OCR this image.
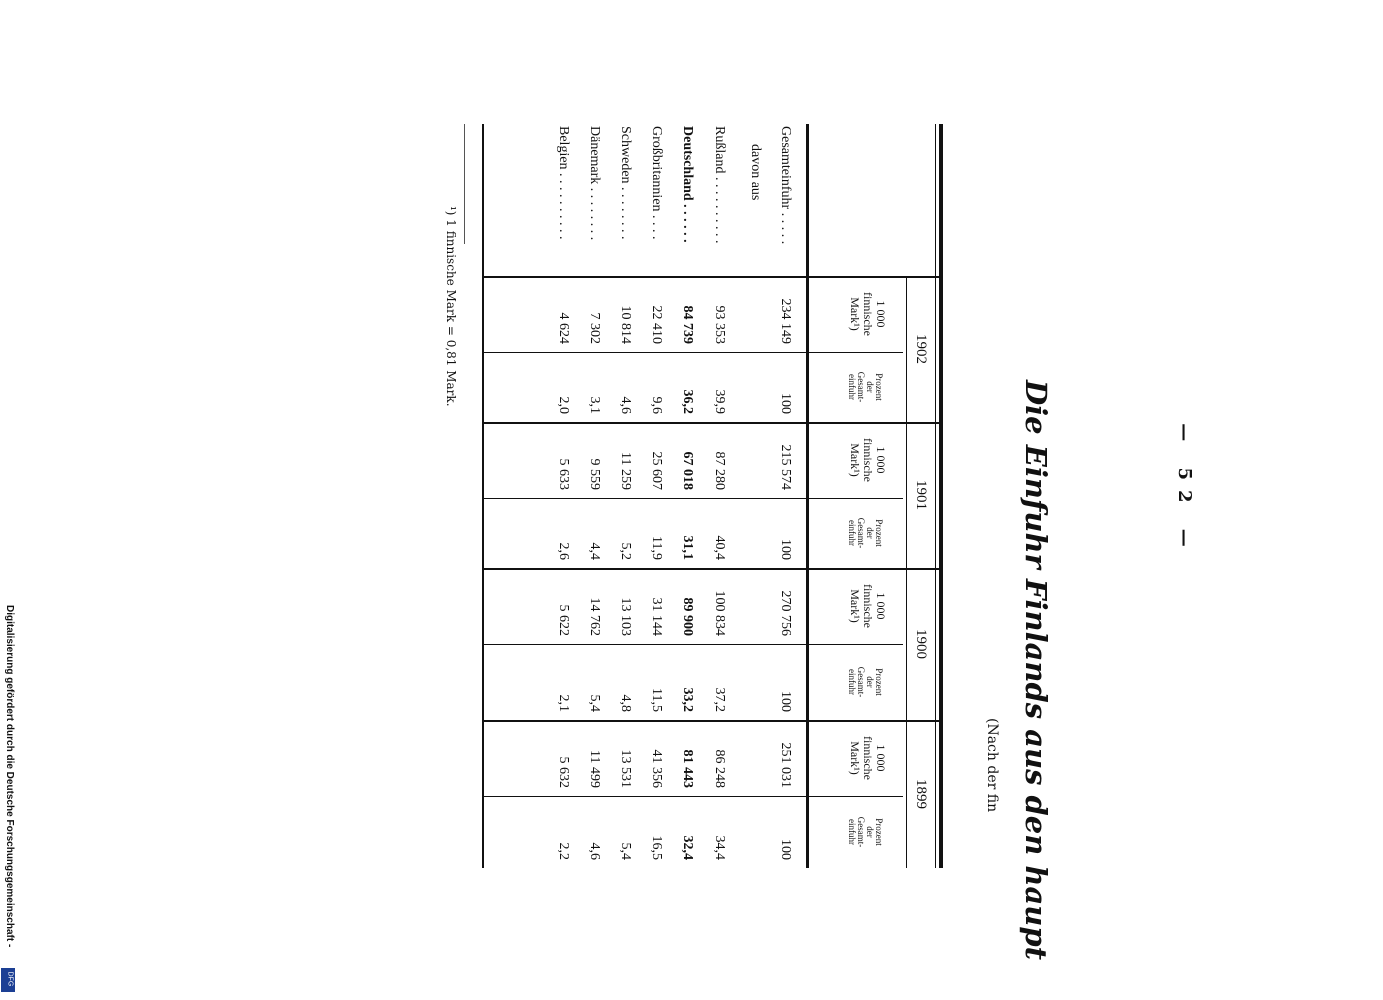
— 52 —
Die Einfuhr Finlands aus den haupt
(Nach der fin
1902
1901
1900
1899
1 000
finnische
Mark¹)
Prozent
der
Gesamt-
einfuhr
1 000
finnische
Mark¹)
Prozent
der
Gesamt-
einfuhr
1 000
finnische
Mark¹)
Prozent
der
Gesamt-
einfuhr
1 000
finnische
Mark¹)
Prozent
der
Gesamt-
einfuhr
Gesamteinfuhr . . . . .
234 149
100
215 574
100
270 756
100
251 031
100
davon aus
Rußland . . . . . . . . . .
93 353
39,9
87 280
40,4
100 834
37,2
86 248
34,4
Deutschland . . . . . .
84 739
36,2
67 018
31,1
89 900
33,2
81 443
32,4
Großbritannien . . . .
22 410
9,6
25 607
11,9
31 144
11,5
41 356
16,5
Schweden . . . . . . . .
10 814
4,6
11 259
5,2
13 103
4,8
13 531
5,4
Dänemark . . . . . . . .
7 302
3,1
9 559
4,4
14 762
5,4
11 499
4,6
Belgien . . . . . . . . . .
4 624
2,0
5 633
2,6
5 622
2,1
5 632
2,2
¹) 1 finnische Mark = 0,81 Mark.
Digitalisierung gefördert durch die Deutsche Forschungsgemeinschaft -
DFG
